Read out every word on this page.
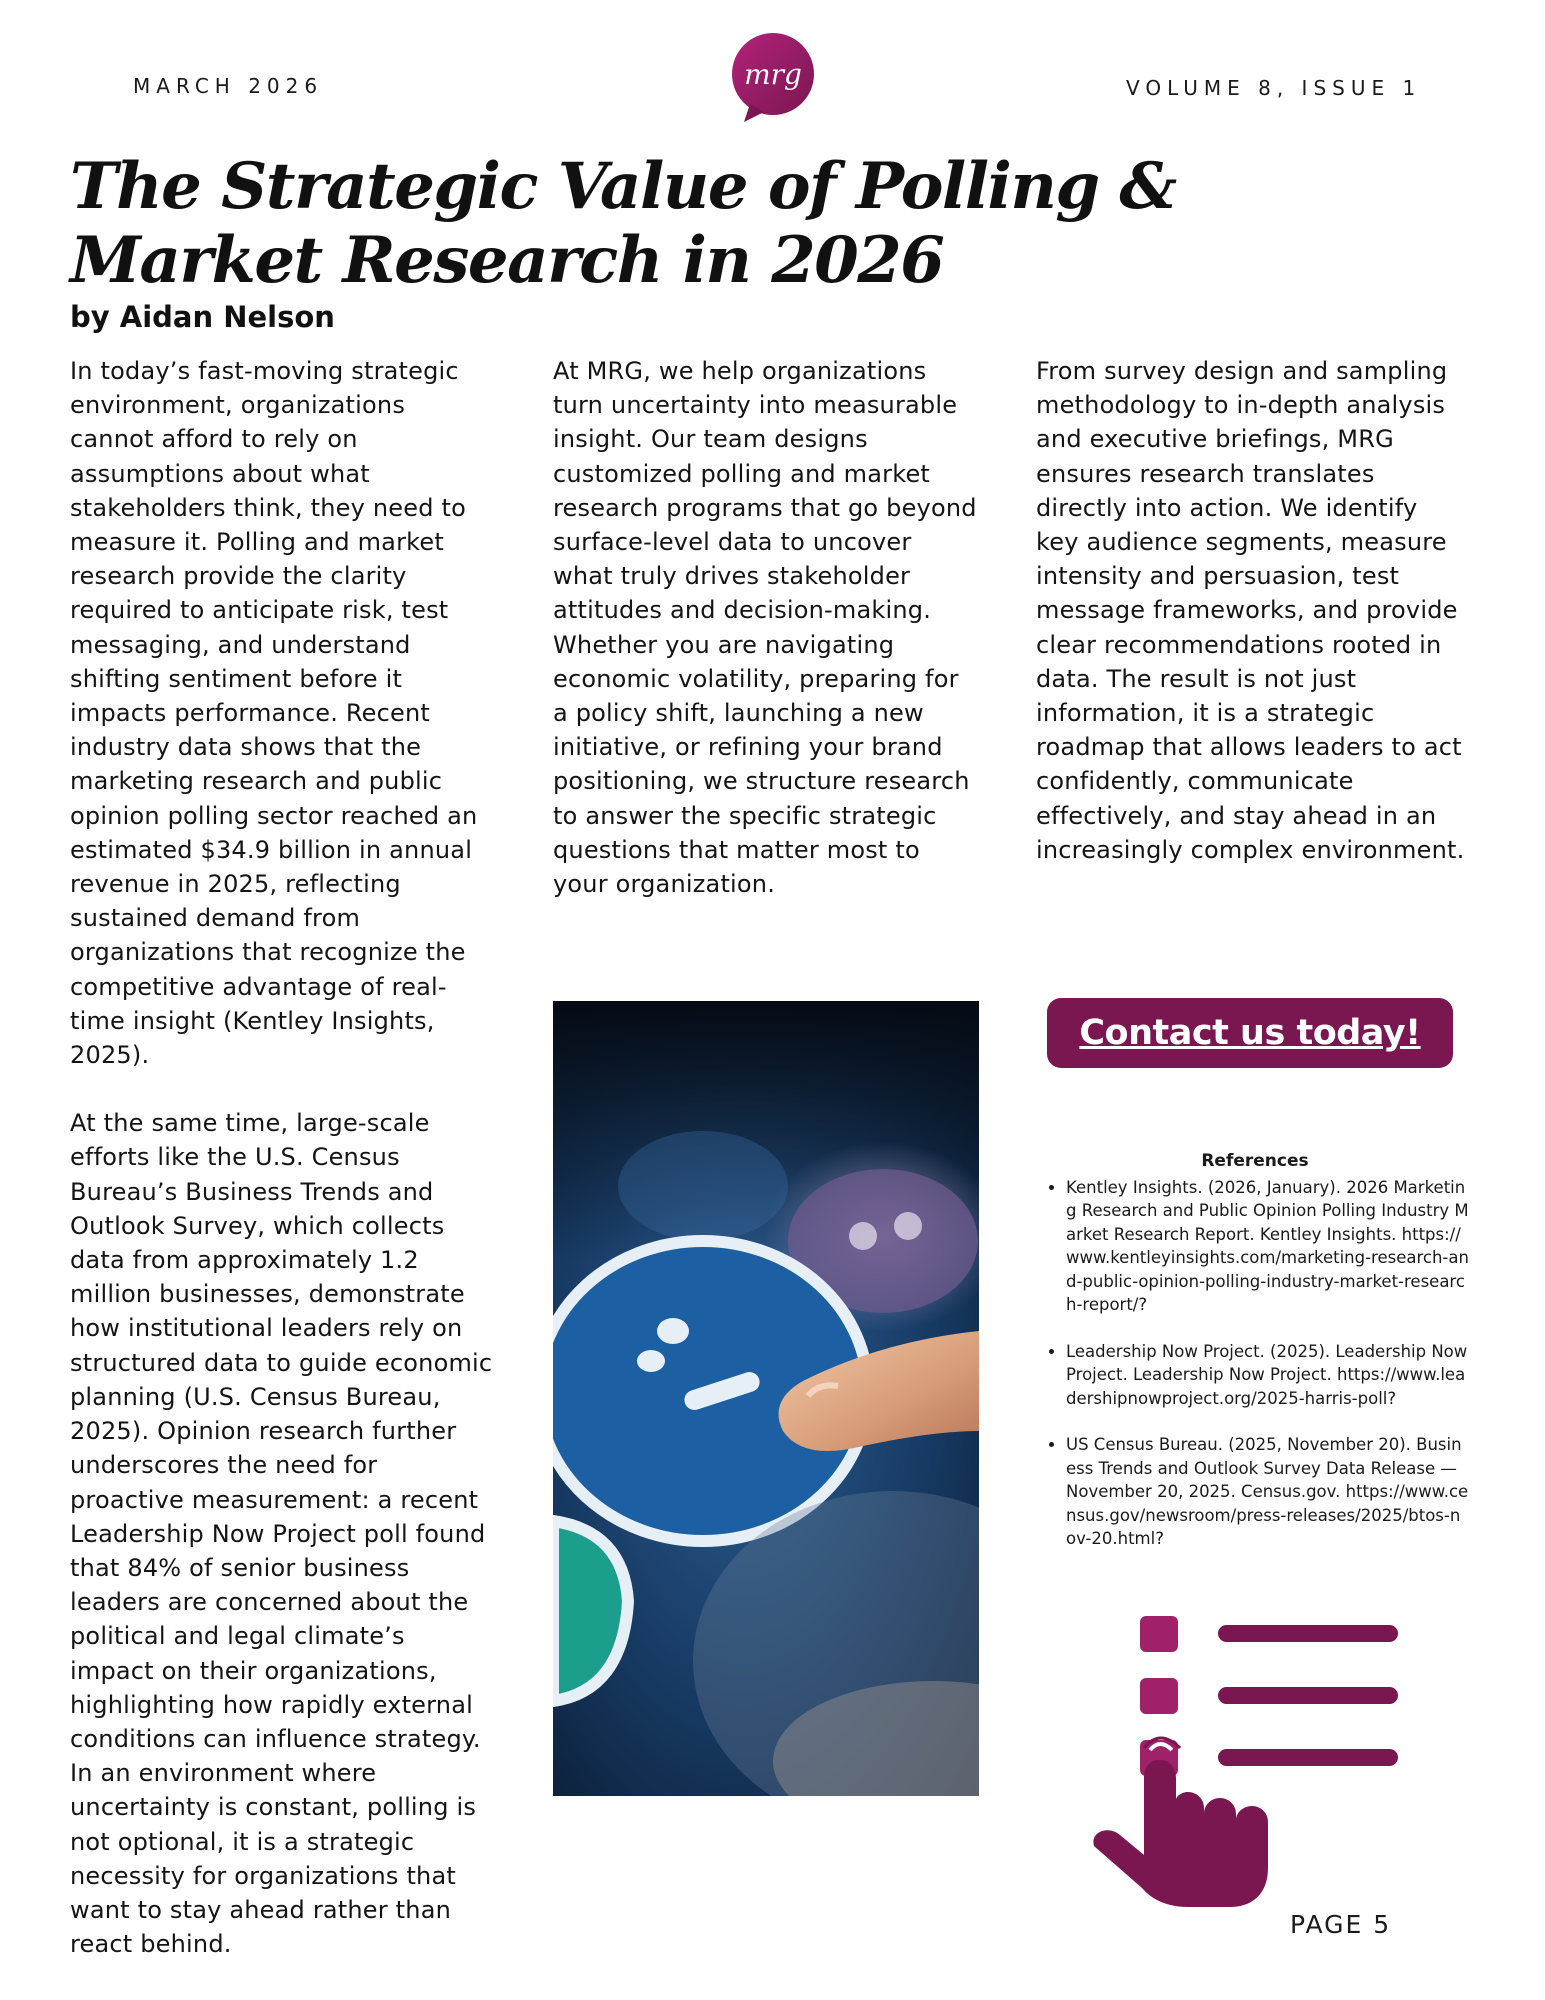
MARCH 2026	mrg	VOLUME 8, ISSUE 1
The Strategic Value of Polling & Market Research in 2026
by Aidan Nelson

In today’s fast-moving strategic environment, organizations cannot afford to rely on assumptions about what stakeholders think, they need to measure it. Polling and market research provide the clarity required to anticipate risk, test messaging, and understand shifting sentiment before it impacts performance. Recent industry data shows that the marketing research and public opinion polling sector reached an estimated $34.9 billion in annual revenue in 2025, reflecting sustained demand from organizations that recognize the competitive advantage of real-time insight (Kentley Insights, 2025).

At the same time, large-scale efforts like the U.S. Census Bureau’s Business Trends and Outlook Survey, which collects data from approximately 1.2 million businesses, demonstrate how institutional leaders rely on structured data to guide economic planning (U.S. Census Bureau, 2025). Opinion research further underscores the need for proactive measurement: a recent Leadership Now Project poll found that 84% of senior business leaders are concerned about the political and legal climate’s impact on their organizations, highlighting how rapidly external conditions can influence strategy. In an environment where uncertainty is constant, polling is not optional, it is a strategic necessity for organizations that want to stay ahead rather than react behind.

At MRG, we help organizations turn uncertainty into measurable insight. Our team designs customized polling and market research programs that go beyond surface-level data to uncover what truly drives stakeholder attitudes and decision-making. Whether you are navigating economic volatility, preparing for a policy shift, launching a new initiative, or refining your brand positioning, we structure research to answer the specific strategic questions that matter most to your organization.

From survey design and sampling methodology to in-depth analysis and executive briefings, MRG ensures research translates directly into action. We identify key audience segments, measure intensity and persuasion, test message frameworks, and provide clear recommendations rooted in data. The result is not just information, it is a strategic roadmap that allows leaders to act confidently, communicate effectively, and stay ahead in an increasingly complex environment.

Contact us today!
References
• Kentley Insights. (2026, January). 2026 Marketing Research and Public Opinion Polling Industry Market Research Report. Kentley Insights. https://www.kentleyinsights.com/marketing-research-and-public-opinion-polling-industry-market-research-report/?
• Leadership Now Project. (2025). Leadership Now Project. Leadership Now Project. https://www.leadershipnowproject.org/2025-harris-poll?
• US Census Bureau. (2025, November 20). Business Trends and Outlook Survey Data Release — November 20, 2025. Census.gov. https://www.census.gov/newsroom/press-releases/2025/btos-nov-20.html?
PAGE 5
